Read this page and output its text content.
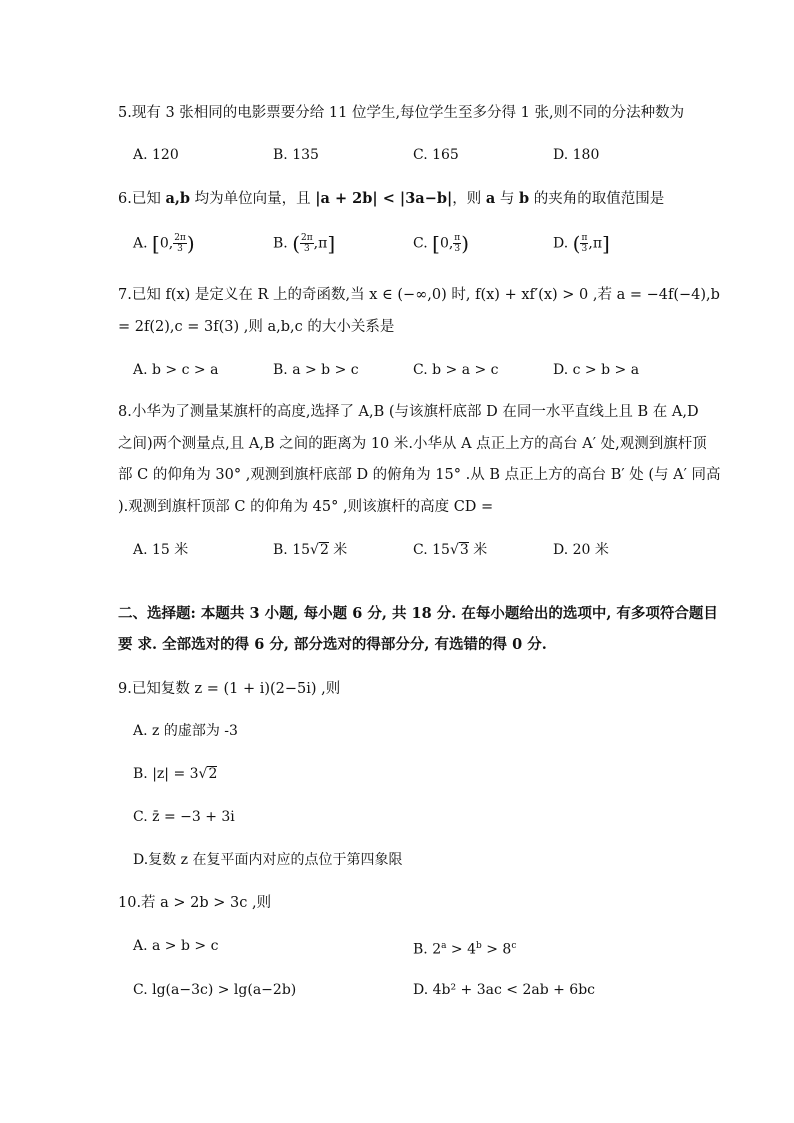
5.现有 3 张相同的电影票要分给 11 位学生,每位学生至多分得 1 张,则不同的分法种数为
A. 120	B. 135	C. 165	D. 180
6.已知 a,b 均为单位向量，且 |a + 2b| < |3a−b|，则 a 与 b 的夹角的取值范围是
A. [0, $\frac{2\pi}{3}$ )	B. ( $\frac{2\pi}{3} ,\pi$]	C. [0, $\frac{\pi}{3}$ )	D. ( $\frac{\pi}{3} ,\pi$]
7.已知 f(x) 是定义在 R 上的奇函数,当 x ∈ (−∞,0) 时, f(x) + xf′(x) > 0 ,若 a = −4f(−4),b
= 2f(2),c = 3f(3) ,则 a,b,c 的大小关系是
A. b > c > a	B. a > b > c	C. b > a > c	D. c > b > a
8.小华为了测量某旗杆的高度,选择了 A,B (与该旗杆底部 D 在同一水平直线上且 B 在 A,D
之间)两个测量点,且 A,B 之间的距离为 10 米.小华从 A 点正上方的高台 A′ 处,观测到旗杆顶
部 C 的仰角为 30° ,观测到旗杆底部 D 的俯角为 15° .从 B 点正上方的高台 B′ 处 (与 A′ 同高
).观测到旗杆顶部 C 的仰角为 45° ,则该旗杆的高度 CD =
A. 15 米	B. 15√2 米	C. 15√3 米	D. 20 米
二、选择题: 本题共 3 小题, 每小题 6 分, 共 18 分. 在每小题给出的选项中, 有多项符合题目
要 求. 全部选对的得 6 分, 部分选对的得部分分, 有选错的得 0 分.
9.已知复数 z = (1 + i)(2−5i) ,则
A. z 的虚部为 -3
B. |z| = 3√2
C. z̄ = −3 + 3i
D.复数 z 在复平面内对应的点位于第四象限
10.若 a > 2b > 3c ,则
A. a > b > c	B. $2^a > 4^b > 8^c$
C. lg(a−3c) > lg(a−2b)	D. 4b² + 3ac < 2ab + 6bc
